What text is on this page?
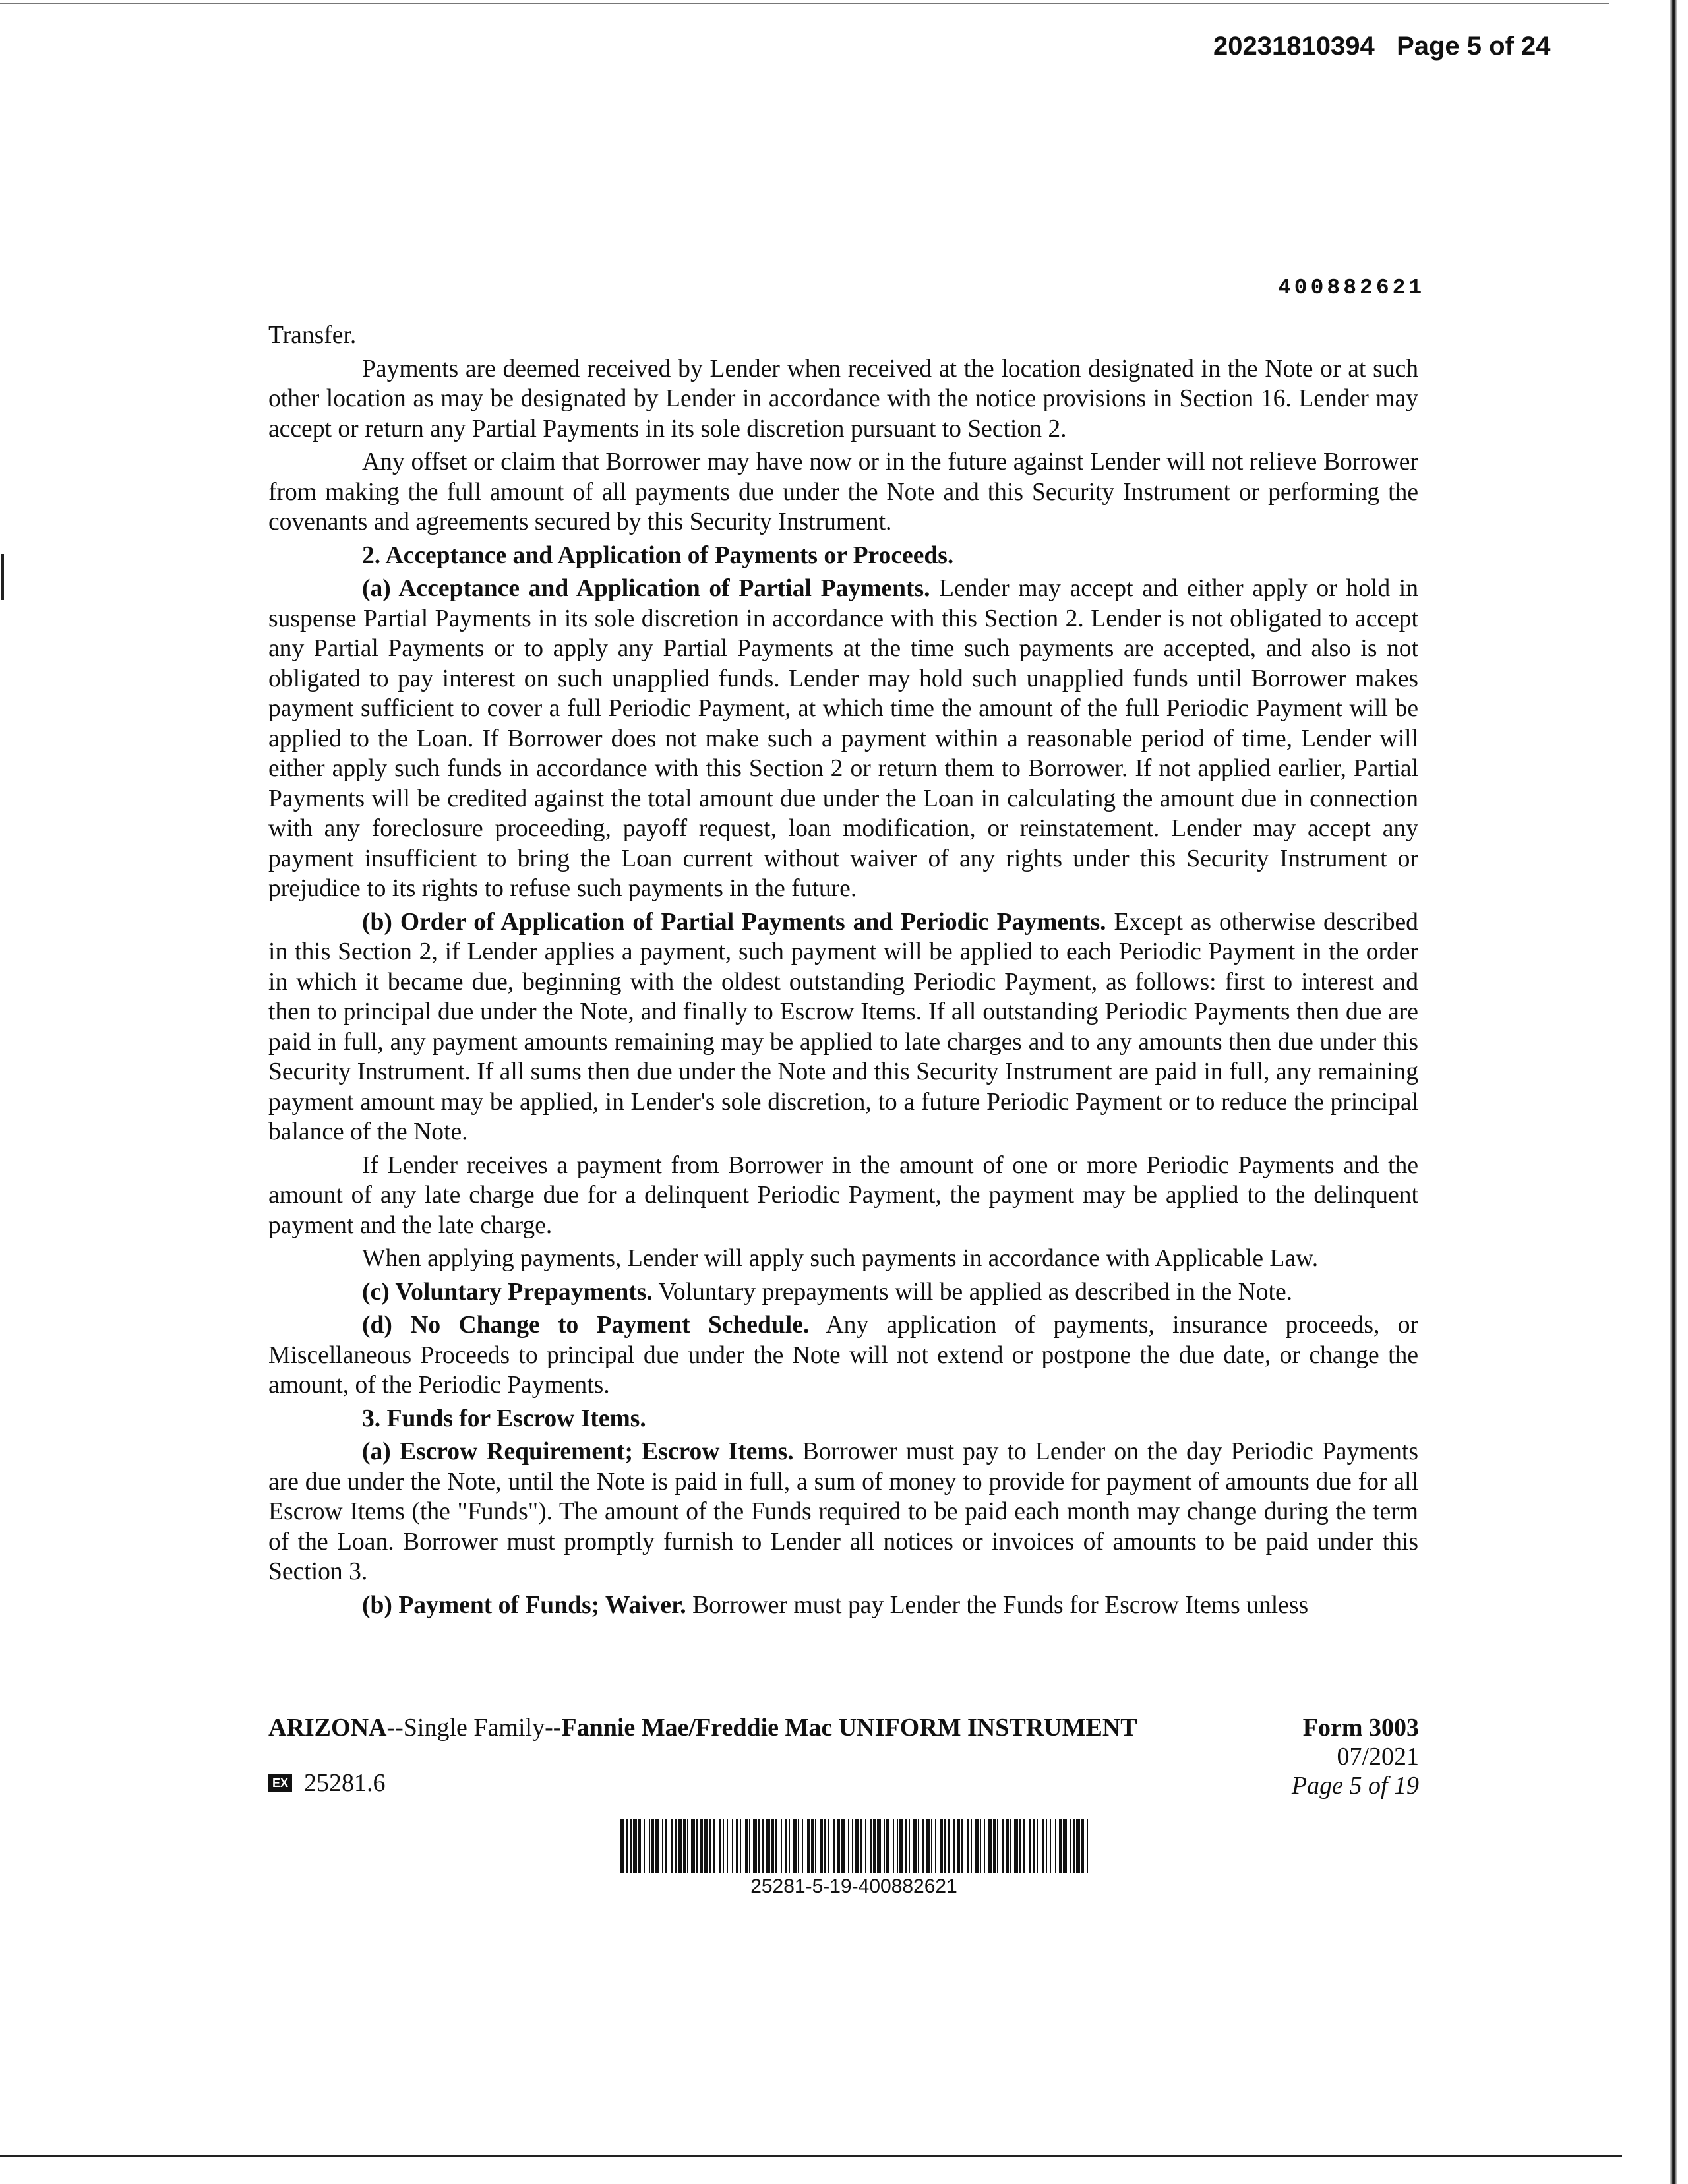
20231810394 Page 5 of 24
400882621

Transfer.

Payments are deemed received by Lender when received at the location designated in the Note or at such other location as may be designated by Lender in accordance with the notice provisions in Section 16. Lender may accept or return any Partial Payments in its sole discretion pursuant to Section 2.

Any offset or claim that Borrower may have now or in the future against Lender will not relieve Borrower from making the full amount of all payments due under the Note and this Security Instrument or performing the covenants and agreements secured by this Security Instrument.

2. Acceptance and Application of Payments or Proceeds.

(a) Acceptance and Application of Partial Payments. Lender may accept and either apply or hold in suspense Partial Payments in its sole discretion in accordance with this Section 2. Lender is not obligated to accept any Partial Payments or to apply any Partial Payments at the time such payments are accepted, and also is not obligated to pay interest on such unapplied funds. Lender may hold such unapplied funds until Borrower makes payment sufficient to cover a full Periodic Payment, at which time the amount of the full Periodic Payment will be applied to the Loan. If Borrower does not make such a payment within a reasonable period of time, Lender will either apply such funds in accordance with this Section 2 or return them to Borrower. If not applied earlier, Partial Payments will be credited against the total amount due under the Loan in calculating the amount due in connection with any foreclosure proceeding, payoff request, loan modification, or reinstatement. Lender may accept any payment insufficient to bring the Loan current without waiver of any rights under this Security Instrument or prejudice to its rights to refuse such payments in the future.

(b) Order of Application of Partial Payments and Periodic Payments. Except as otherwise described in this Section 2, if Lender applies a payment, such payment will be applied to each Periodic Payment in the order in which it became due, beginning with the oldest outstanding Periodic Payment, as follows: first to interest and then to principal due under the Note, and finally to Escrow Items. If all outstanding Periodic Payments then due are paid in full, any payment amounts remaining may be applied to late charges and to any amounts then due under this Security Instrument. If all sums then due under the Note and this Security Instrument are paid in full, any remaining payment amount may be applied, in Lender's sole discretion, to a future Periodic Payment or to reduce the principal balance of the Note.

If Lender receives a payment from Borrower in the amount of one or more Periodic Payments and the amount of any late charge due for a delinquent Periodic Payment, the payment may be applied to the delinquent payment and the late charge.

When applying payments, Lender will apply such payments in accordance with Applicable Law.

(c) Voluntary Prepayments. Voluntary prepayments will be applied as described in the Note.

(d) No Change to Payment Schedule. Any application of payments, insurance proceeds, or Miscellaneous Proceeds to principal due under the Note will not extend or postpone the due date, or change the amount, of the Periodic Payments.

3. Funds for Escrow Items.

(a) Escrow Requirement; Escrow Items. Borrower must pay to Lender on the day Periodic Payments are due under the Note, until the Note is paid in full, a sum of money to provide for payment of amounts due for all Escrow Items (the "Funds"). The amount of the Funds required to be paid each month may change during the term of the Loan. Borrower must promptly furnish to Lender all notices or invoices of amounts to be paid under this Section 3.

(b) Payment of Funds; Waiver. Borrower must pay Lender the Funds for Escrow Items unless

ARIZONA--Single Family--Fannie Mae/Freddie Mac UNIFORM INSTRUMENT	Form 3003
07/2021
Page 5 of 19
EX 25281.6
25281-5-19-400882621
